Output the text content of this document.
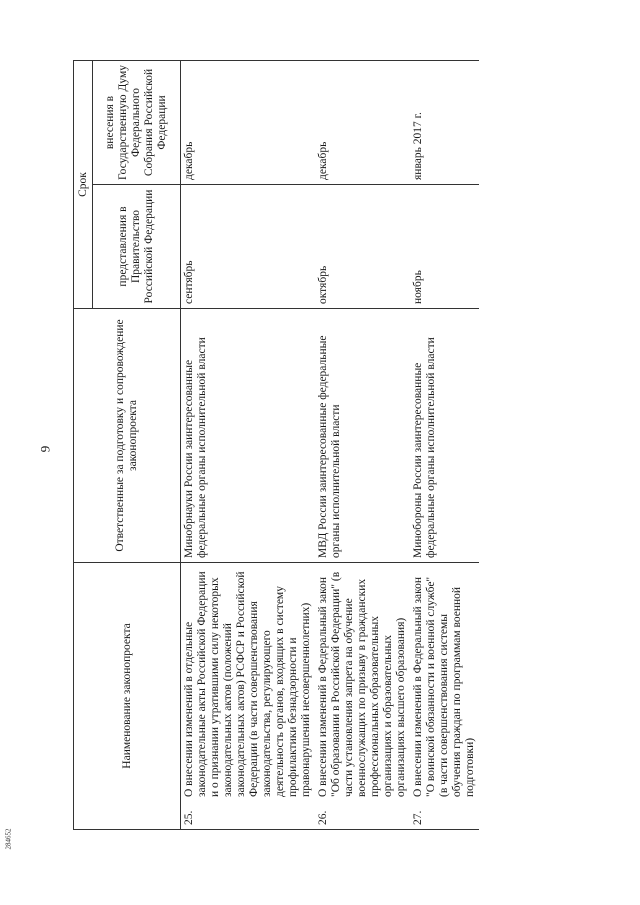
9
284652
Наименование законопроекта		Ответственные за подготовку и сопровождение законопроекта	Срок	
			представления в Правительство Российской Федерации	внесения в Государственную Думу Федерального Собрания Российской Федерации
25.	О внесении изменений в отдельные законодательные акты Российской Федерации и о признании утратившими силу некоторых законодательных актов (положений законодательных актов) РСФСР и Российской Федерации (в части совершенствования законодательства, регулирующего деятельность органов, входящих в систему профилактики безнадзорности и правонарушений несовершеннолетних)	Минобрнауки России заинтересованные федеральные органы исполнительной власти	сентябрь	декабрь
26.	О внесении изменений в Федеральный закон "Об образовании в Российской Федерации" (в части установления запрета на обучение военнослужащих по призыву в гражданских профессиональных образовательных организациях и образовательных организациях высшего образования)	МВД России заинтересованные федеральные органы исполнительной власти	октябрь	декабрь
27.	О внесении изменений в Федеральный закон "О воинской обязанности и военной службе" (в части совершенствования системы обучения граждан по программам военной подготовки)	Минобороны России заинтересованные федеральные органы исполнительной власти	ноябрь	январь 2017 г.
